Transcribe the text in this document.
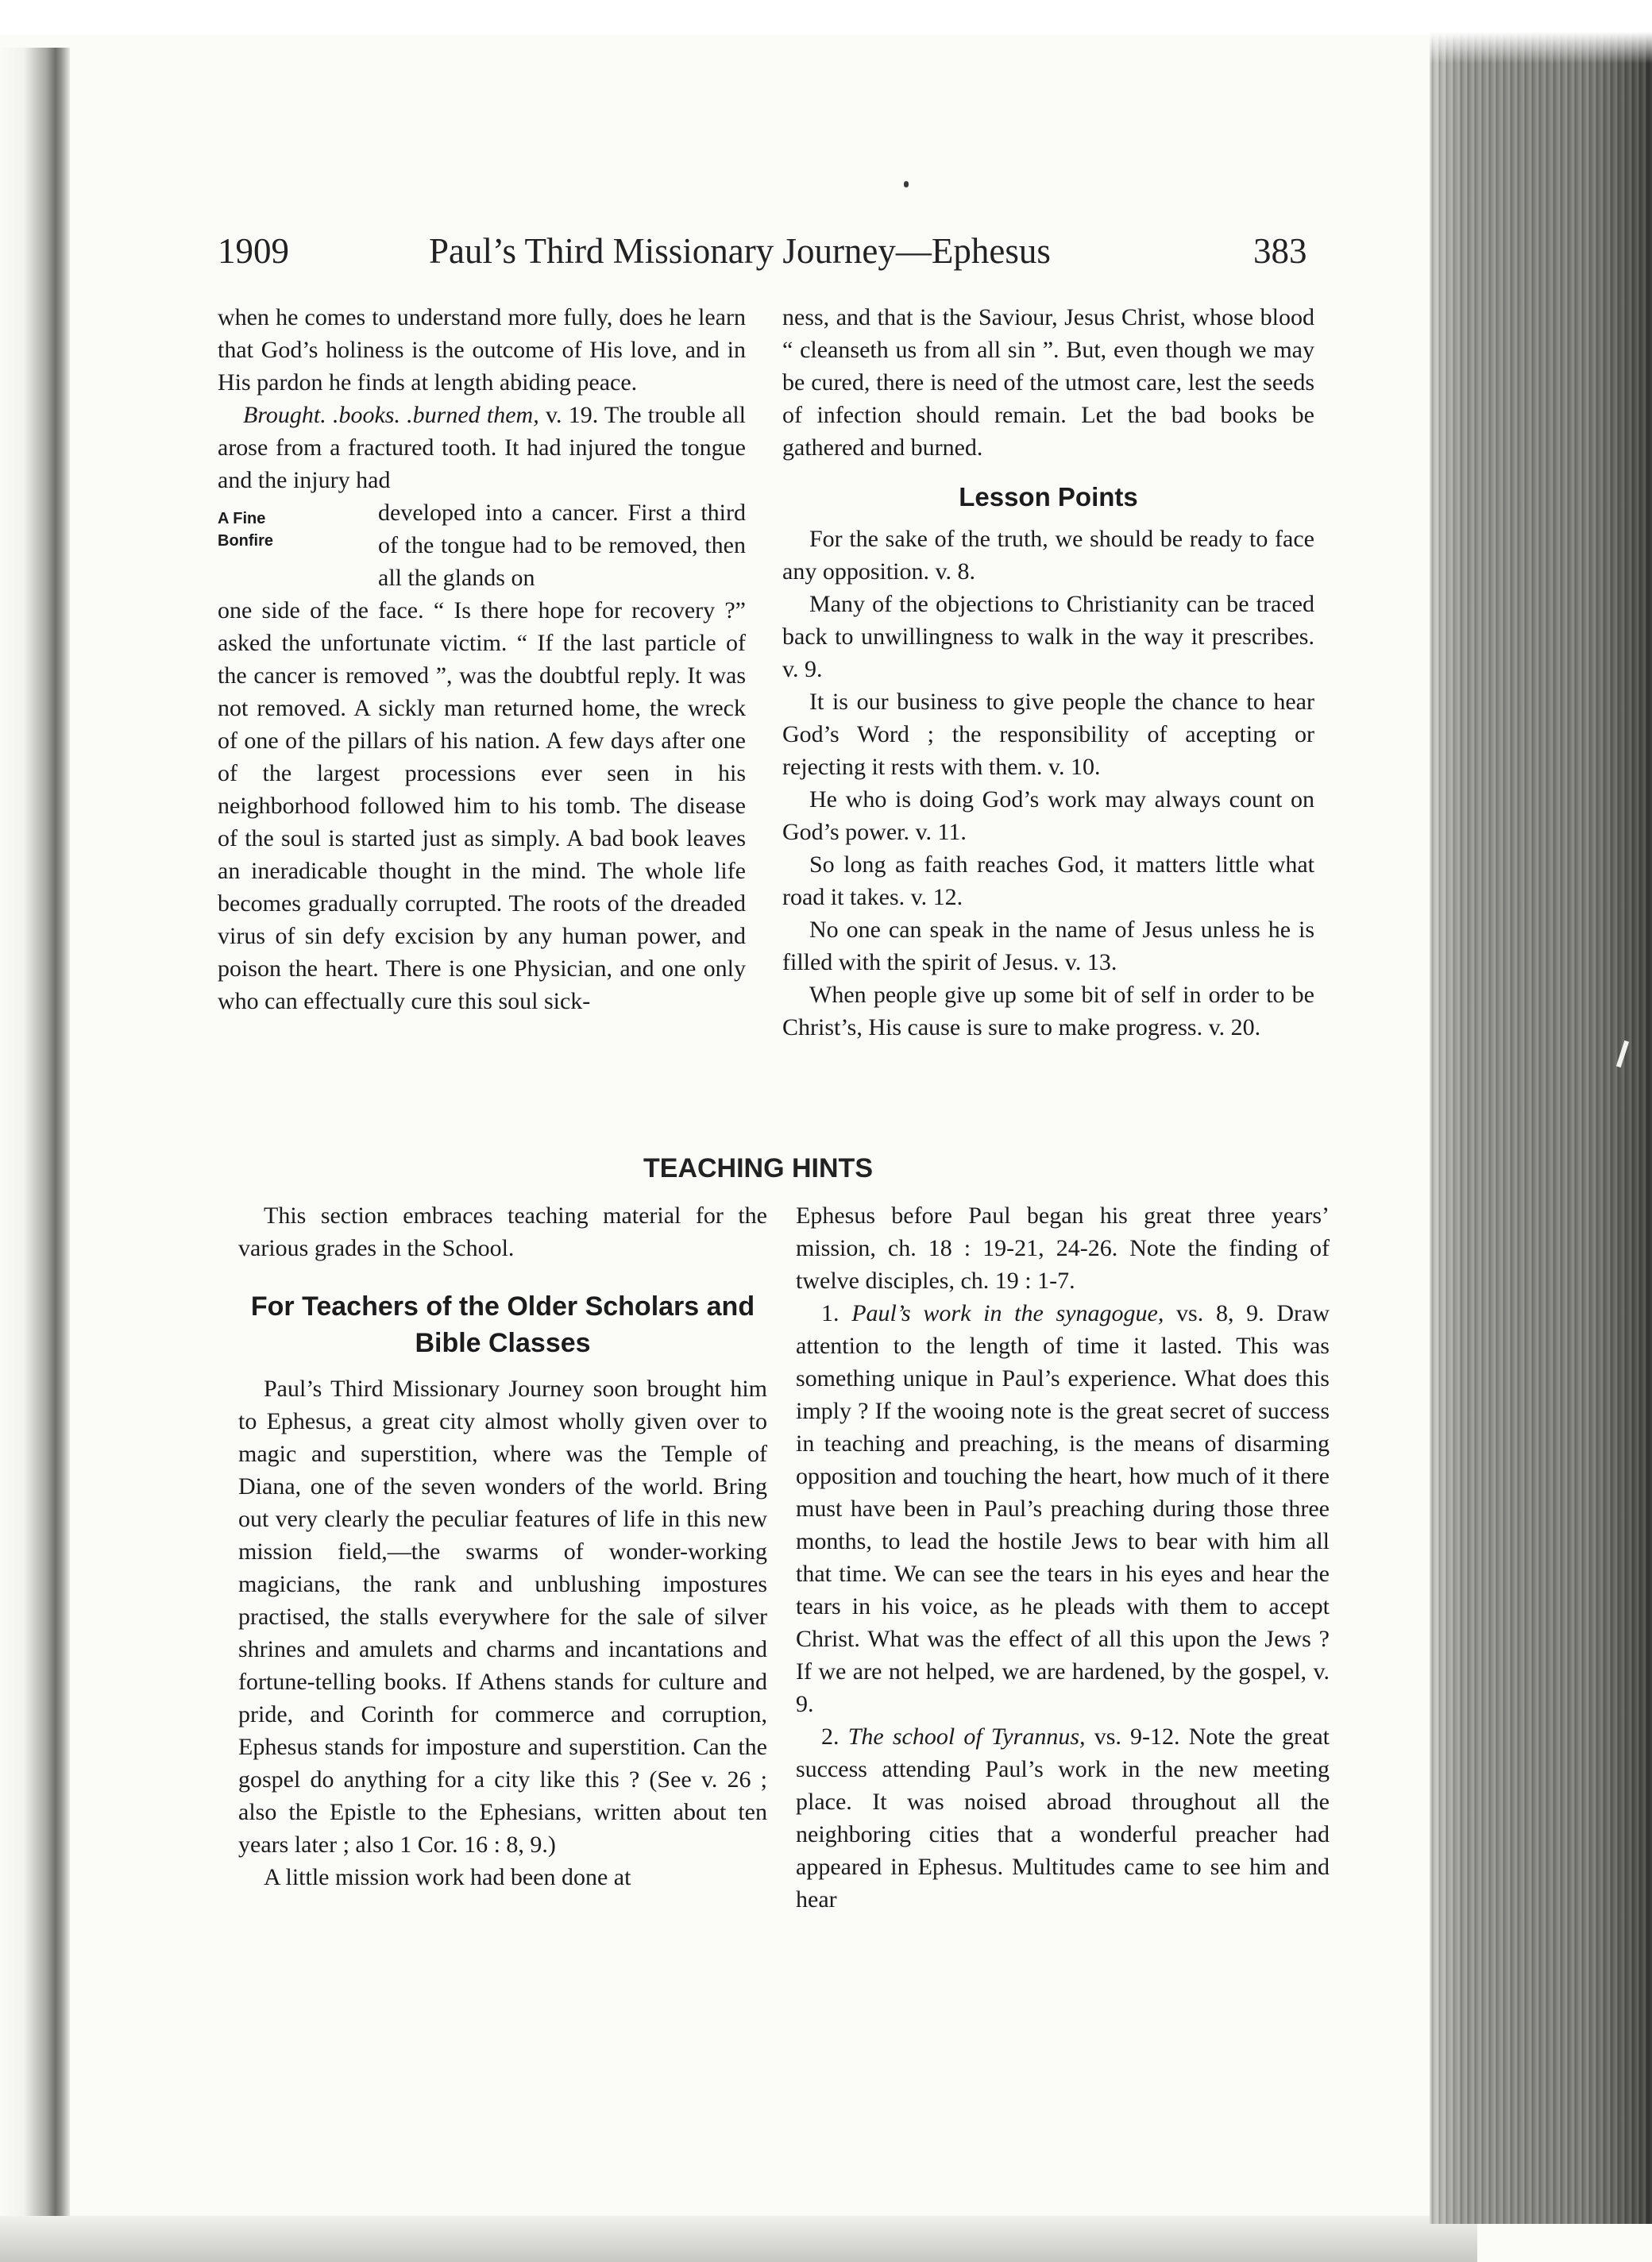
1909	Paul’s Third Missionary Journey—Ephesus	383

when he comes to understand more fully, does he learn that God’s holiness is the outcome of His love, and in His pardon he finds at length abiding peace.

Brought. .books. .burned them, v. 19. The trouble all arose from a fractured tooth. It had injured the tongue and the injury had

A Fine
Bonfire
developed into a cancer. First a third of the tongue had to be removed, then all the glands on

one side of the face. “ Is there hope for recovery ?” asked the unfortunate victim. “ If the last particle of the cancer is removed ”, was the doubtful reply. It was not removed. A sickly man returned home, the wreck of one of the pillars of his nation. A few days after one of the largest processions ever seen in his neighborhood followed him to his tomb. The disease of the soul is started just as simply. A bad book leaves an ineradicable thought in the mind. The whole life becomes gradually corrupted. The roots of the dreaded virus of sin defy excision by any human power, and poison the heart. There is one Physician, and one only who can effectually cure this soul sick-

ness, and that is the Saviour, Jesus Christ, whose blood “ cleanseth us from all sin ”. But, even though we may be cured, there is need of the utmost care, lest the seeds of infection should remain. Let the bad books be gathered and burned.

Lesson Points

For the sake of the truth, we should be ready to face any opposition. v. 8.

Many of the objections to Christianity can be traced back to unwillingness to walk in the way it prescribes. v. 9.

It is our business to give people the chance to hear God’s Word ; the responsibility of accepting or rejecting it rests with them. v. 10.

He who is doing God’s work may always count on God’s power. v. 11.

So long as faith reaches God, it matters little what road it takes. v. 12.

No one can speak in the name of Jesus unless he is filled with the spirit of Jesus. v. 13.

When people give up some bit of self in order to be Christ’s, His cause is sure to make progress. v. 20.

TEACHING HINTS

This section embraces teaching material for the various grades in the School.

For Teachers of the Older Scholars and Bible Classes

Paul’s Third Missionary Journey soon brought him to Ephesus, a great city almost wholly given over to magic and superstition, where was the Temple of Diana, one of the seven wonders of the world. Bring out very clearly the peculiar features of life in this new mission field,—the swarms of wonder-working magicians, the rank and unblushing impostures practised, the stalls everywhere for the sale of silver shrines and amulets and charms and incantations and fortune-telling books. If Athens stands for culture and pride, and Corinth for commerce and corruption, Ephesus stands for imposture and superstition. Can the gospel do anything for a city like this ? (See v. 26 ; also the Epistle to the Ephesians, written about ten years later ; also 1 Cor. 16 : 8, 9.)

A little mission work had been done at

Ephesus before Paul began his great three years’ mission, ch. 18 : 19-21, 24-26. Note the finding of twelve disciples, ch. 19 : 1-7.

1. Paul’s work in the synagogue, vs. 8, 9. Draw attention to the length of time it lasted. This was something unique in Paul’s experience. What does this imply ? If the wooing note is the great secret of success in teaching and preaching, is the means of disarming opposition and touching the heart, how much of it there must have been in Paul’s preaching during those three months, to lead the hostile Jews to bear with him all that time. We can see the tears in his eyes and hear the tears in his voice, as he pleads with them to accept Christ. What was the effect of all this upon the Jews ? If we are not helped, we are hardened, by the gospel, v. 9.

2. The school of Tyrannus, vs. 9-12. Note the great success attending Paul’s work in the new meeting place. It was noised abroad throughout all the neighboring cities that a wonderful preacher had appeared in Ephesus. Multitudes came to see him and hear
